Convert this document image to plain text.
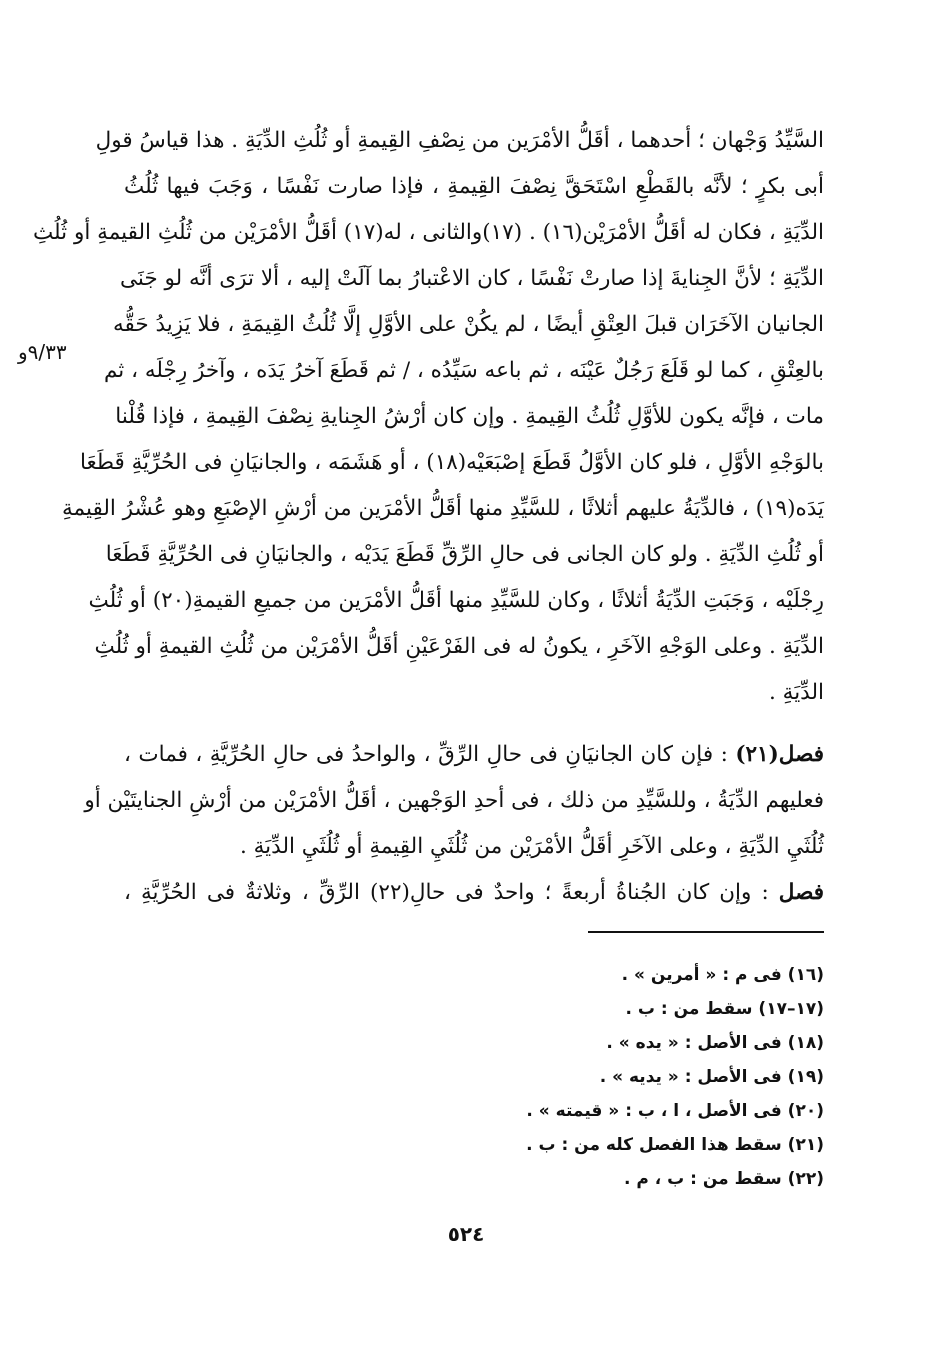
٩/٣٣و
السَّيِّدُ وَجْهان ؛ أحدهما ، أقَلُّ الأمْرَين من نِصْفِ القِيمةِ أو ثُلُثِ الدِّيَةِ . هذا قياسُ قولِ
أبى بكرٍ ؛ لأنَّه بالقَطْعِ اسْتَحَقَّ نِصْفَ القِيمةِ ، فإذا صارت نَفْسًا ، وَجَبَ فيها ثُلُثُ
الدِّيَةِ ، فكان له أقَلُّ الأمْرَيْن(١٦) . (١٧)والثانى ، له(١٧) أقَلُّ الأمْرَيْن من ثُلُثِ القيمةِ أو ثُلُثِ
الدِّيَةِ ؛ لأنَّ الجِنايةَ إذا صارتْ نَفْسًا ، كان الاعْتبارُ بما آلَتْ إليه ، ألا ترَى أنَّه لو جَنَى
الجانيان الآخَرَان قبلَ العِتْقِ أيضًا ، لم يكُنْ على الأوَّلِ إلَّا ثُلُثُ القِيمَةِ ، فلا يَزِيدُ حَقُّه
بالعِتْقِ ، كما لو قَلَعَ رَجُلٌ عَيْنَه ، ثم باعه سَيِّدُه ، / ثم قَطَعَ آخرُ يَدَه ، وآخرُ رِجْلَه ، ثم
مات ، فإنَّه يكون للأوَّلِ ثُلُثُ القِيمةِ . وإن كان أرْشُ الجِنايةِ نِصْفَ القِيمةِ ، فإذا قُلْنا
بالوَجْهِ الأوَّلِ ، فلو كان الأوَّلُ قَطَعَ إصْبَعَيْه(١٨) ، أو هَشَمَه ، والجانيَانِ فى الحُرِّيَّةِ قَطَعَا
يَدَه(١٩) ، فالدِّيَةُ عليهم أثلاثًا ، للسَّيِّدِ منها أقَلُّ الأمْرَين من أرْشِ الإصْبَعِ وهو عُشْرُ القِيمةِ
أو ثُلُثِ الدِّيَةِ . ولو كان الجانى فى حالِ الرِّقِّ قَطَعَ يَدَيْه ، والجانيَانِ فى الحُرِّيَّةِ قَطَعَا
رِجْلَيْه ، وَجَبَتِ الدِّيَةُ أثلاثًا ، وكان للسَّيِّدِ منها أقَلُّ الأمْرَين من جميعِ القيمةِ(٢٠) أو ثُلُثِ
الدِّيَةِ . وعلى الوَجْهِ الآخَرِ ، يكونُ له فى الفَرْعَيْنِ أقَلُّ الأمْرَيْن من ثُلُثِ القيمةِ أو ثُلُثِ
الدِّيَةِ .
فصل(٢١) : فإن كان الجانيَانِ فى حالِ الرِّقِّ ، والواحدُ فى حالِ الحُرِّيَّةِ ، فمات ،
فعليهم الدِّيَةُ ، وللسَّيِّدِ من ذلك ، فى أحدِ الوَجْهين ، أقَلُّ الأمْرَيْن من أرْشِ الجنايتَيْن أو
ثُلُثَيِ الدِّيَةِ ، وعلى الآخَرِ أقَلُّ الأمْرَيْن من ثُلُثَيِ القِيمةِ أو ثُلُثَيِ الدِّيَةِ .
فصل : وإن كان الجُناةُ أربعةً ؛ واحدٌ فى حالِ(٢٢) الرِّقِّ ، وثلاثةٌ فى الحُرِّيَّةِ ،
(١٦) فى م : « أمرين » .
(١٧–١٧) سقط من : ب .
(١٨) فى الأصل : « يده » .
(١٩) فى الأصل : « يديه » .
(٢٠) فى الأصل ، ا ، ب : « قيمته » .
(٢١) سقط هذا الفصل كله من : ب .
(٢٢) سقط من : ب ، م .
٥٢٤
